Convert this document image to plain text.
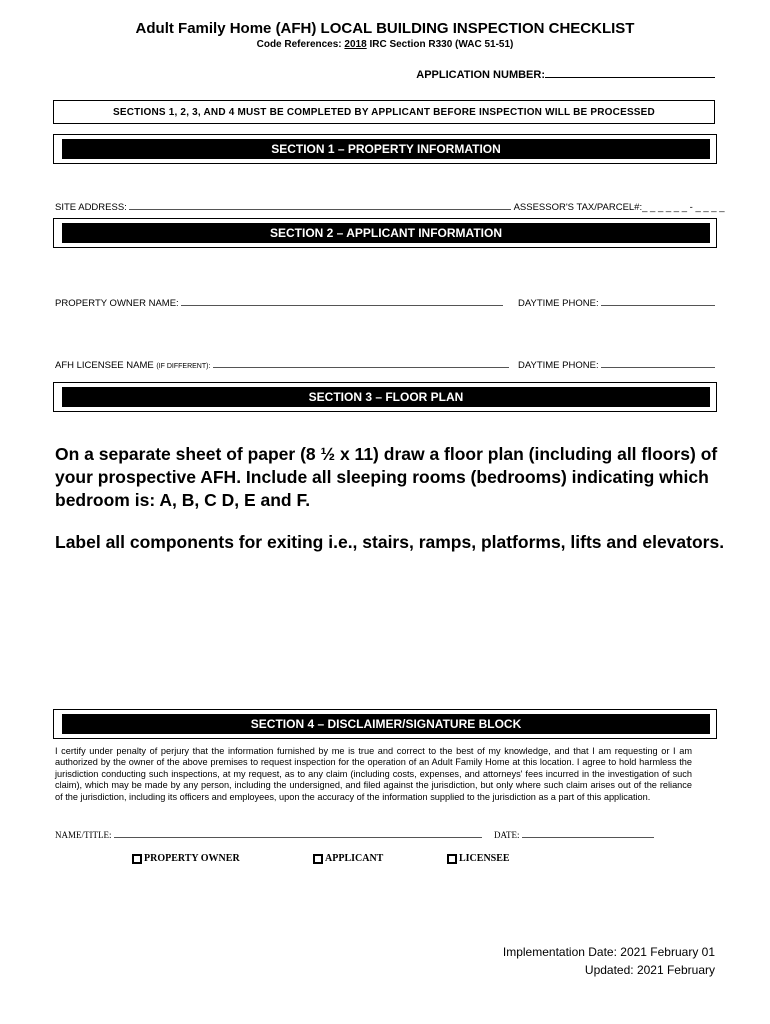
Adult Family Home (AFH) LOCAL BUILDING INSPECTION CHECKLIST
Code References: 2018 IRC Section R330 (WAC 51-51)
APPLICATION NUMBER:
SECTIONS 1, 2, 3, AND 4 MUST BE COMPLETED BY APPLICANT BEFORE INSPECTION WILL BE PROCESSED
SECTION 1 – PROPERTY INFORMATION
SITE ADDRESS:	ASSESSOR'S TAX/PARCEL#:_ _ _ _ _ _ - _ _ _ _
SECTION 2 – APPLICANT INFORMATION
PROPERTY OWNER NAME:	DAYTIME PHONE:
AFH LICENSEE NAME (IF DIFFERENT):	DAYTIME PHONE:
SECTION 3 – FLOOR PLAN
On a separate sheet of paper (8 ½ x 11) draw a floor plan (including all floors) of your prospective AFH. Include all sleeping rooms (bedrooms) indicating which bedroom is: A, B, C D, E and F.
Label all components for exiting i.e., stairs, ramps, platforms, lifts and elevators.
SECTION 4 – DISCLAIMER/SIGNATURE BLOCK
I certify under penalty of perjury that the information furnished by me is true and correct to the best of my knowledge, and that I am requesting or I am authorized by the owner of the above premises to request inspection for the operation of an Adult Family Home at this location. I agree to hold harmless the jurisdiction conducting such inspections, at my request, as to any claim (including costs, expenses, and attorneys' fees incurred in the investigation of such claim), which may be made by any person, including the undersigned, and filed against the jurisdiction, but only where such claim arises out of the reliance of the jurisdiction, including its officers and employees, upon the accuracy of the information supplied to the jurisdiction as a part of this application.
NAME/TITLE:	DATE:
PROPERTY OWNER	APPLICANT	LICENSEE
Implementation Date: 2021 February 01
Updated: 2021 February
